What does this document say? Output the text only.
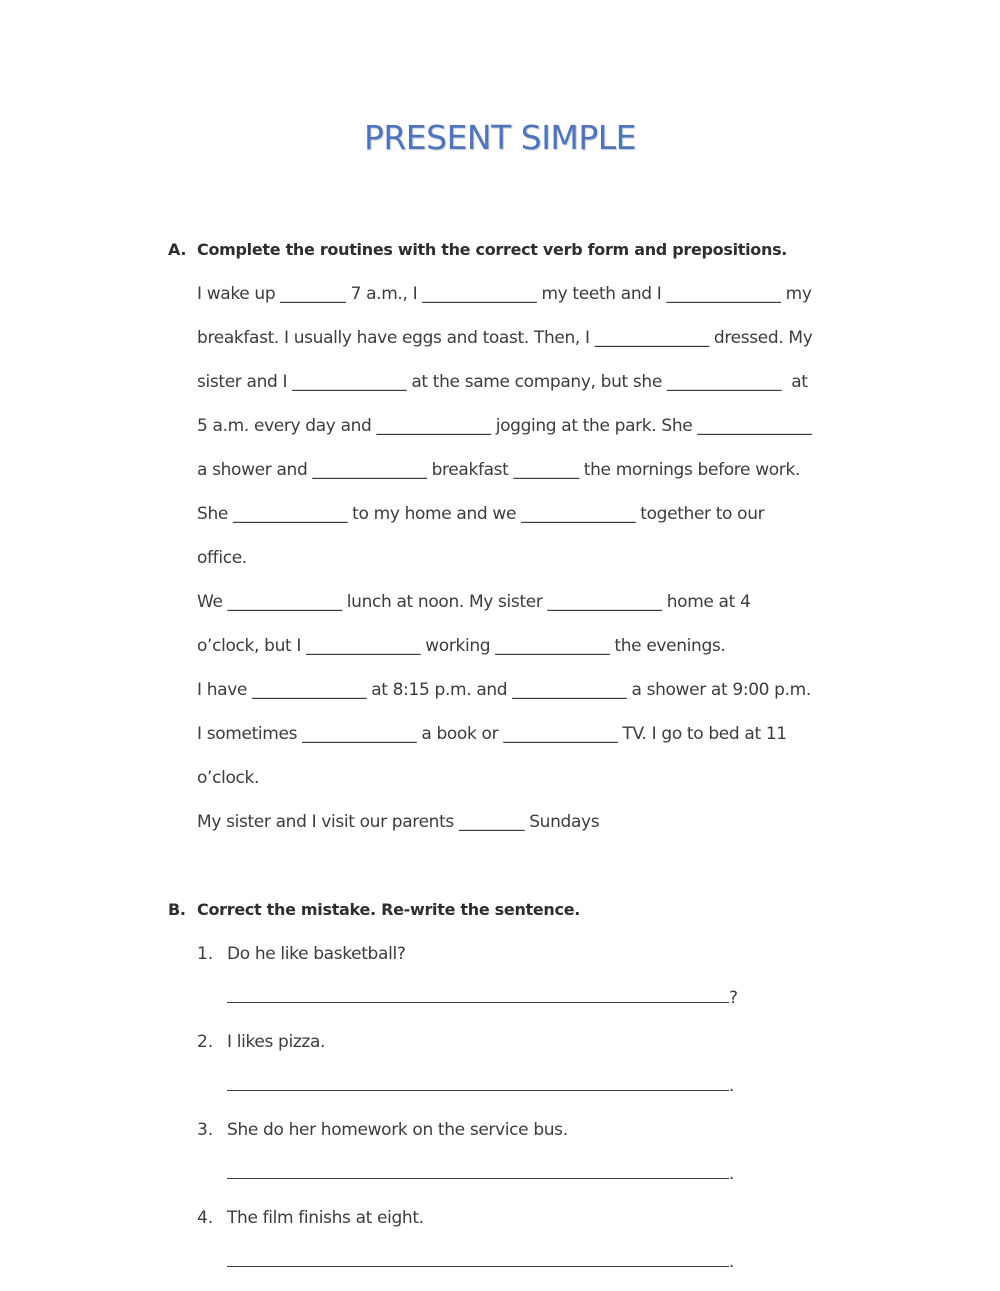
PRESENT SIMPLE
A. Complete the routines with the correct verb form and prepositions.
I wake up ________ 7 a.m., I ______________ my teeth and I ______________ my
breakfast. I usually have eggs and toast. Then, I ______________ dressed. My
sister and I ______________ at the same company, but she ______________  at
5 a.m. every day and ______________ jogging at the park. She ______________
a shower and ______________ breakfast ________ the mornings before work.
She ______________ to my home and we ______________ together to our
office.
We ______________ lunch at noon. My sister ______________ home at 4
o’clock, but I ______________ working ______________ the evenings.
I have ______________ at 8:15 p.m. and ______________ a shower at 9:00 p.m.
I sometimes ______________ a book or ______________ TV. I go to bed at 11
o’clock.
My sister and I visit our parents ________ Sundays
B. Correct the mistake. Re-write the sentence.
1. Do he like basketball?
?
2. I likes pizza.
.
3. She do her homework on the service bus.
.
4. The film finishs at eight.
.
